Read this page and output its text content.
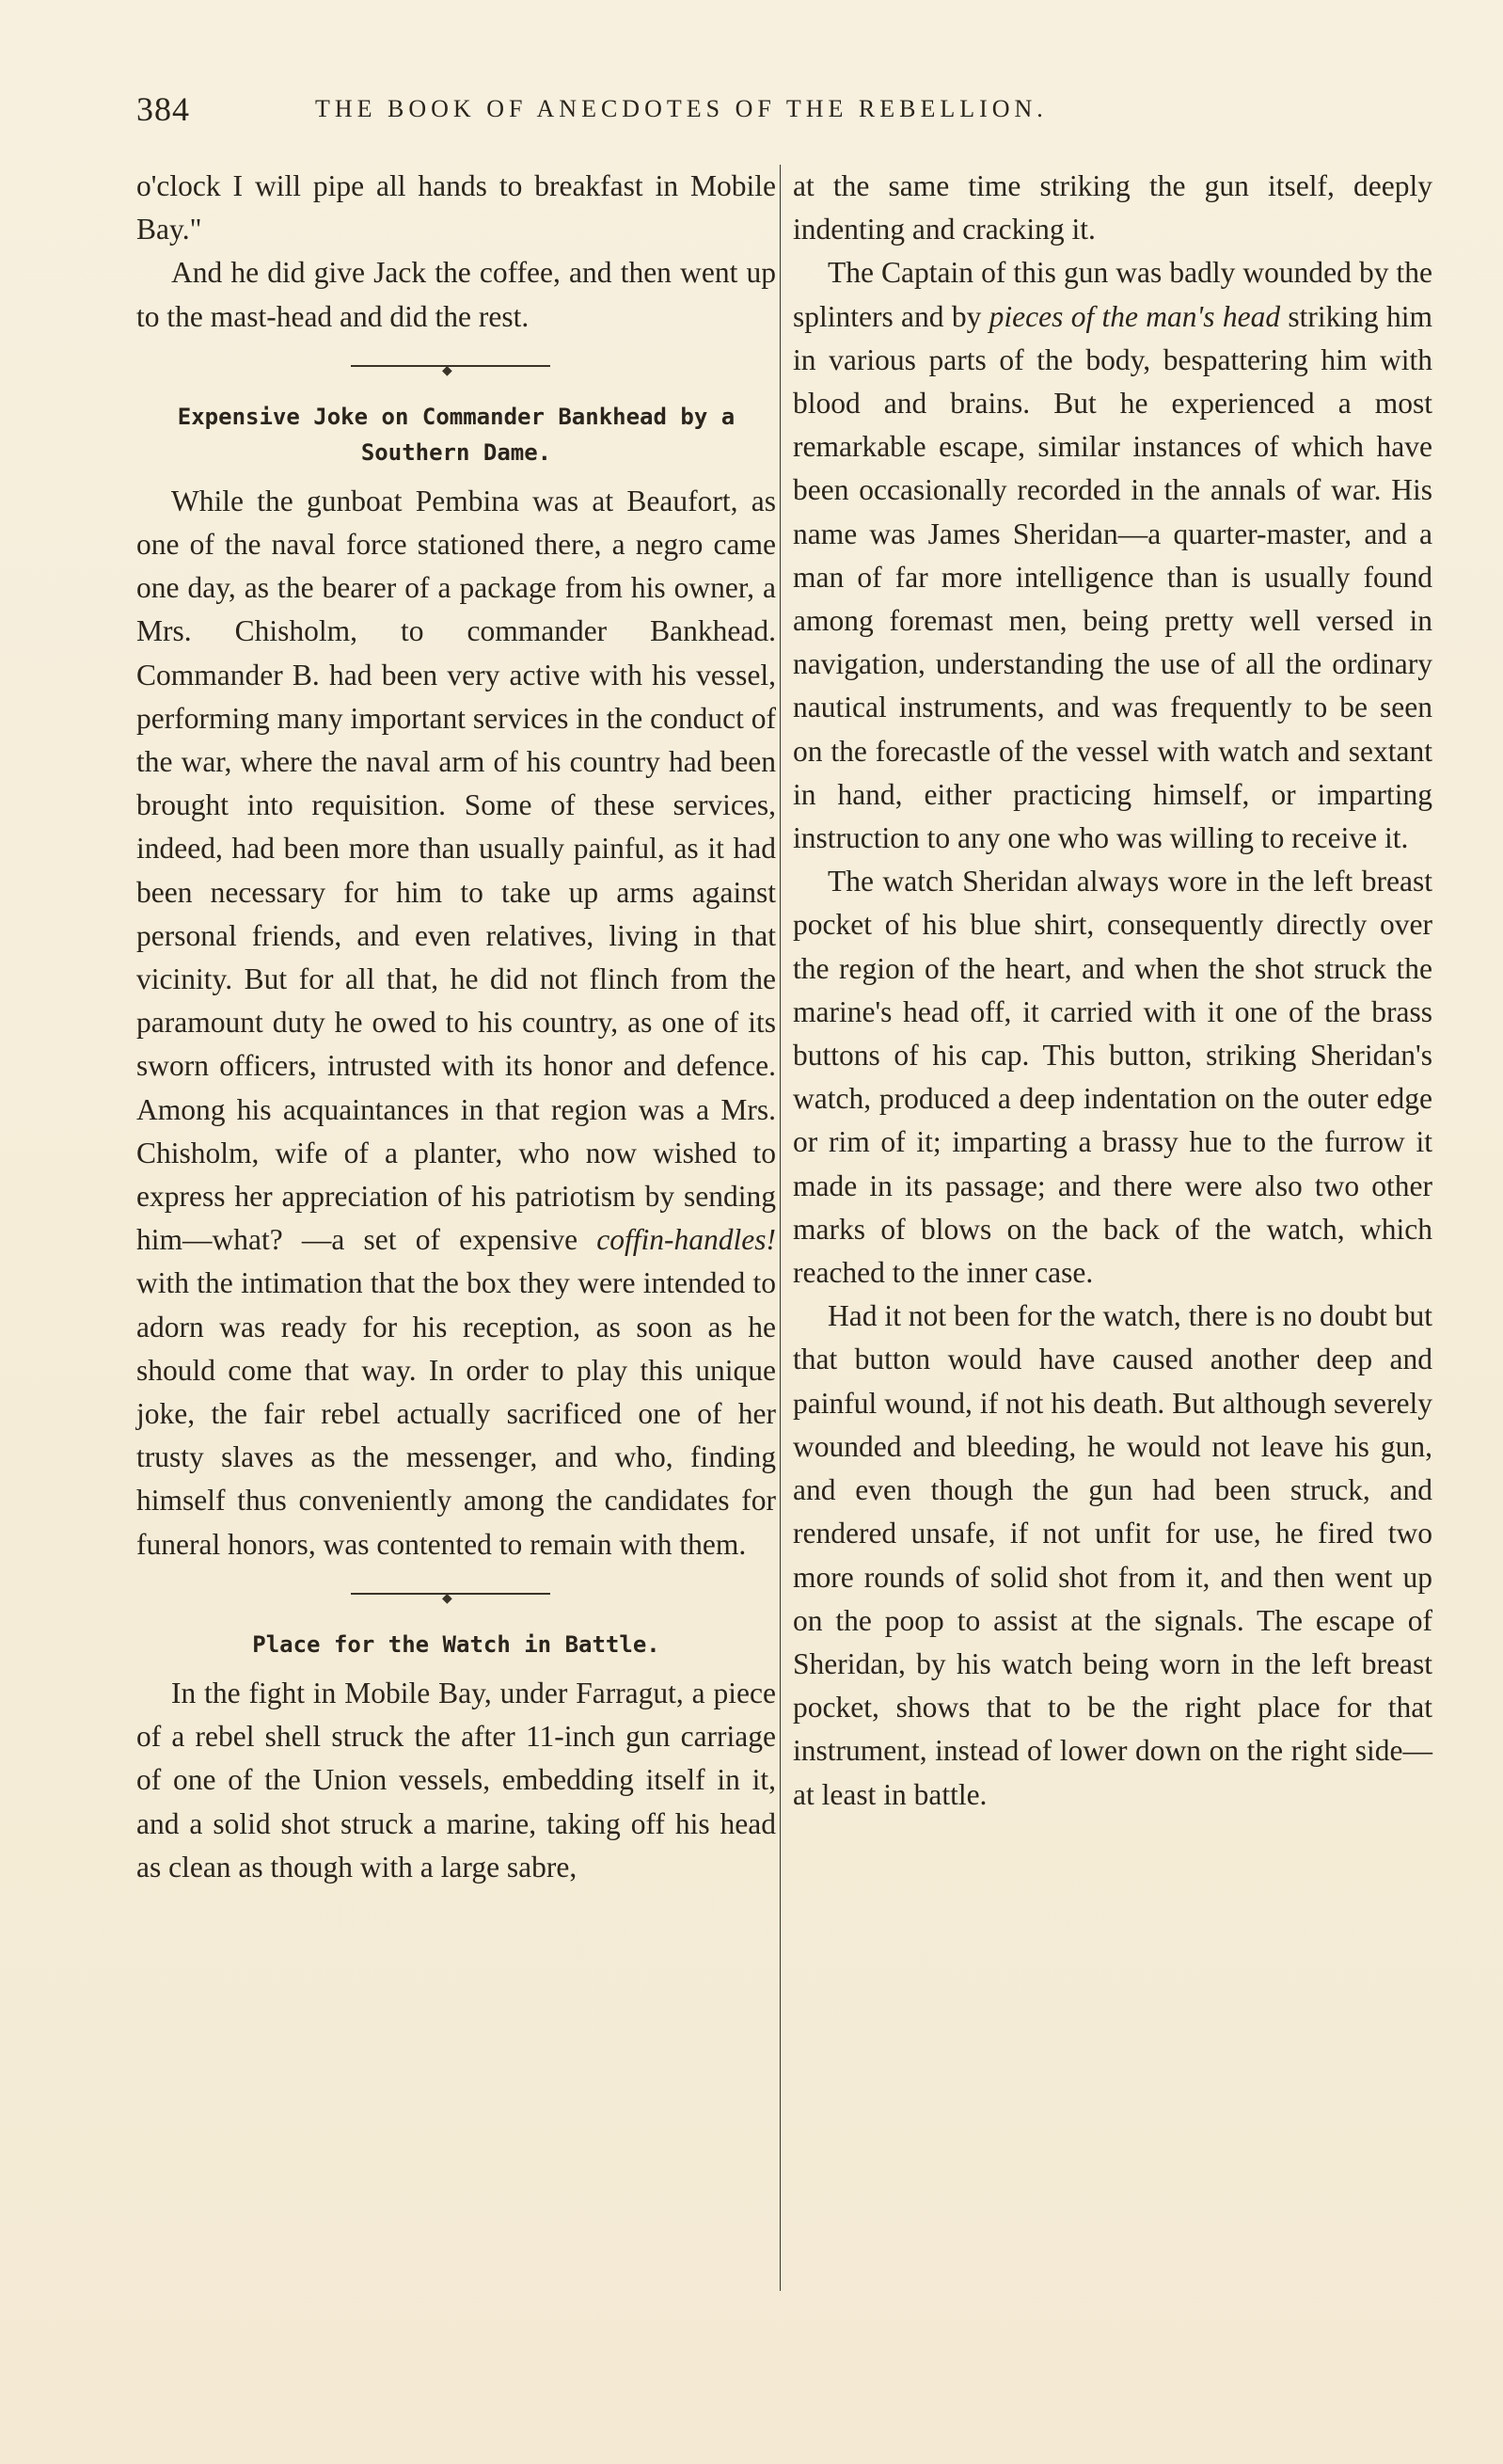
384	THE BOOK OF ANECDOTES OF THE REBELLION.

o'clock I will pipe all hands to breakfast in Mobile Bay."

And he did give Jack the coffee, and then went up to the mast-head and did the rest.

◆

Expensive Joke on Commander Bankhead by a Southern Dame.

While the gunboat Pembina was at Beaufort, as one of the naval force stationed there, a negro came one day, as the bearer of a package from his owner, a Mrs. Chisholm, to commander Bankhead. Commander B. had been very active with his vessel, performing many important services in the conduct of the war, where the naval arm of his country had been brought into requisition. Some of these services, indeed, had been more than usually painful, as it had been necessary for him to take up arms against personal friends, and even relatives, living in that vicinity. But for all that, he did not flinch from the paramount duty he owed to his country, as one of its sworn officers, intrusted with its honor and defence. Among his acquaintances in that region was a Mrs. Chisholm, wife of a planter, who now wished to express her appreciation of his patriotism by sending him—what? —a set of expensive coffin-handles! with the intimation that the box they were intended to adorn was ready for his reception, as soon as he should come that way. In order to play this unique joke, the fair rebel actually sacrificed one of her trusty slaves as the messenger, and who, finding himself thus conveniently among the candidates for funeral honors, was contented to remain with them.

◆

Place for the Watch in Battle.

In the fight in Mobile Bay, under Farragut, a piece of a rebel shell struck the after 11-inch gun carriage of one of the Union vessels, embedding itself in it, and a solid shot struck a marine, taking off his head as clean as though with a large sabre,

at the same time striking the gun itself, deeply indenting and cracking it.

The Captain of this gun was badly wounded by the splinters and by pieces of the man's head striking him in various parts of the body, bespattering him with blood and brains. But he experienced a most remarkable escape, similar instances of which have been occasionally recorded in the annals of war. His name was James Sheridan—a quarter-master, and a man of far more intelligence than is usually found among foremast men, being pretty well versed in navigation, understanding the use of all the ordinary nautical instruments, and was frequently to be seen on the forecastle of the vessel with watch and sextant in hand, either practicing himself, or imparting instruction to any one who was willing to receive it.

The watch Sheridan always wore in the left breast pocket of his blue shirt, consequently directly over the region of the heart, and when the shot struck the marine's head off, it carried with it one of the brass buttons of his cap. This button, striking Sheridan's watch, produced a deep indentation on the outer edge or rim of it; imparting a brassy hue to the furrow it made in its passage; and there were also two other marks of blows on the back of the watch, which reached to the inner case.

Had it not been for the watch, there is no doubt but that button would have caused another deep and painful wound, if not his death. But although severely wounded and bleeding, he would not leave his gun, and even though the gun had been struck, and rendered unsafe, if not unfit for use, he fired two more rounds of solid shot from it, and then went up on the poop to assist at the signals. The escape of Sheridan, by his watch being worn in the left breast pocket, shows that to be the right place for that instrument, instead of lower down on the right side—at least in battle.
